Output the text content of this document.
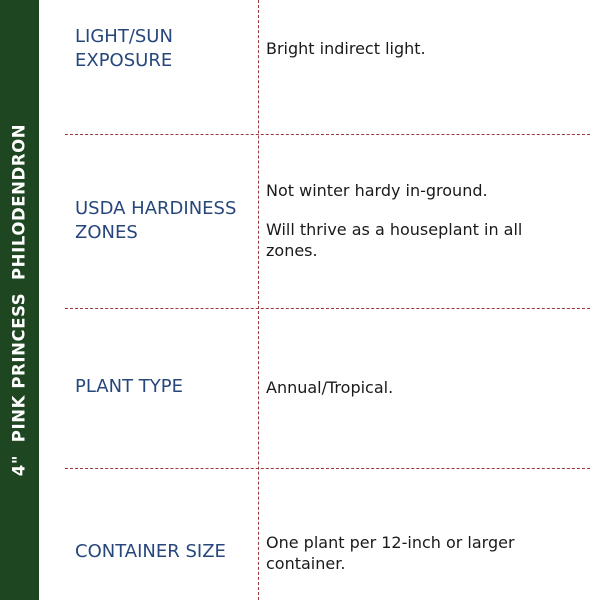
4"  PINK PRINCESS  PHILODENDRON
LIGHT/SUN EXPOSURE
Bright indirect light.
USDA HARDINESS ZONES
Not winter hardy in-ground.
Will thrive as a houseplant in all zones.
PLANT TYPE	Annual/Tropical.
CONTAINER SIZE	One plant per 12-inch or larger container.
